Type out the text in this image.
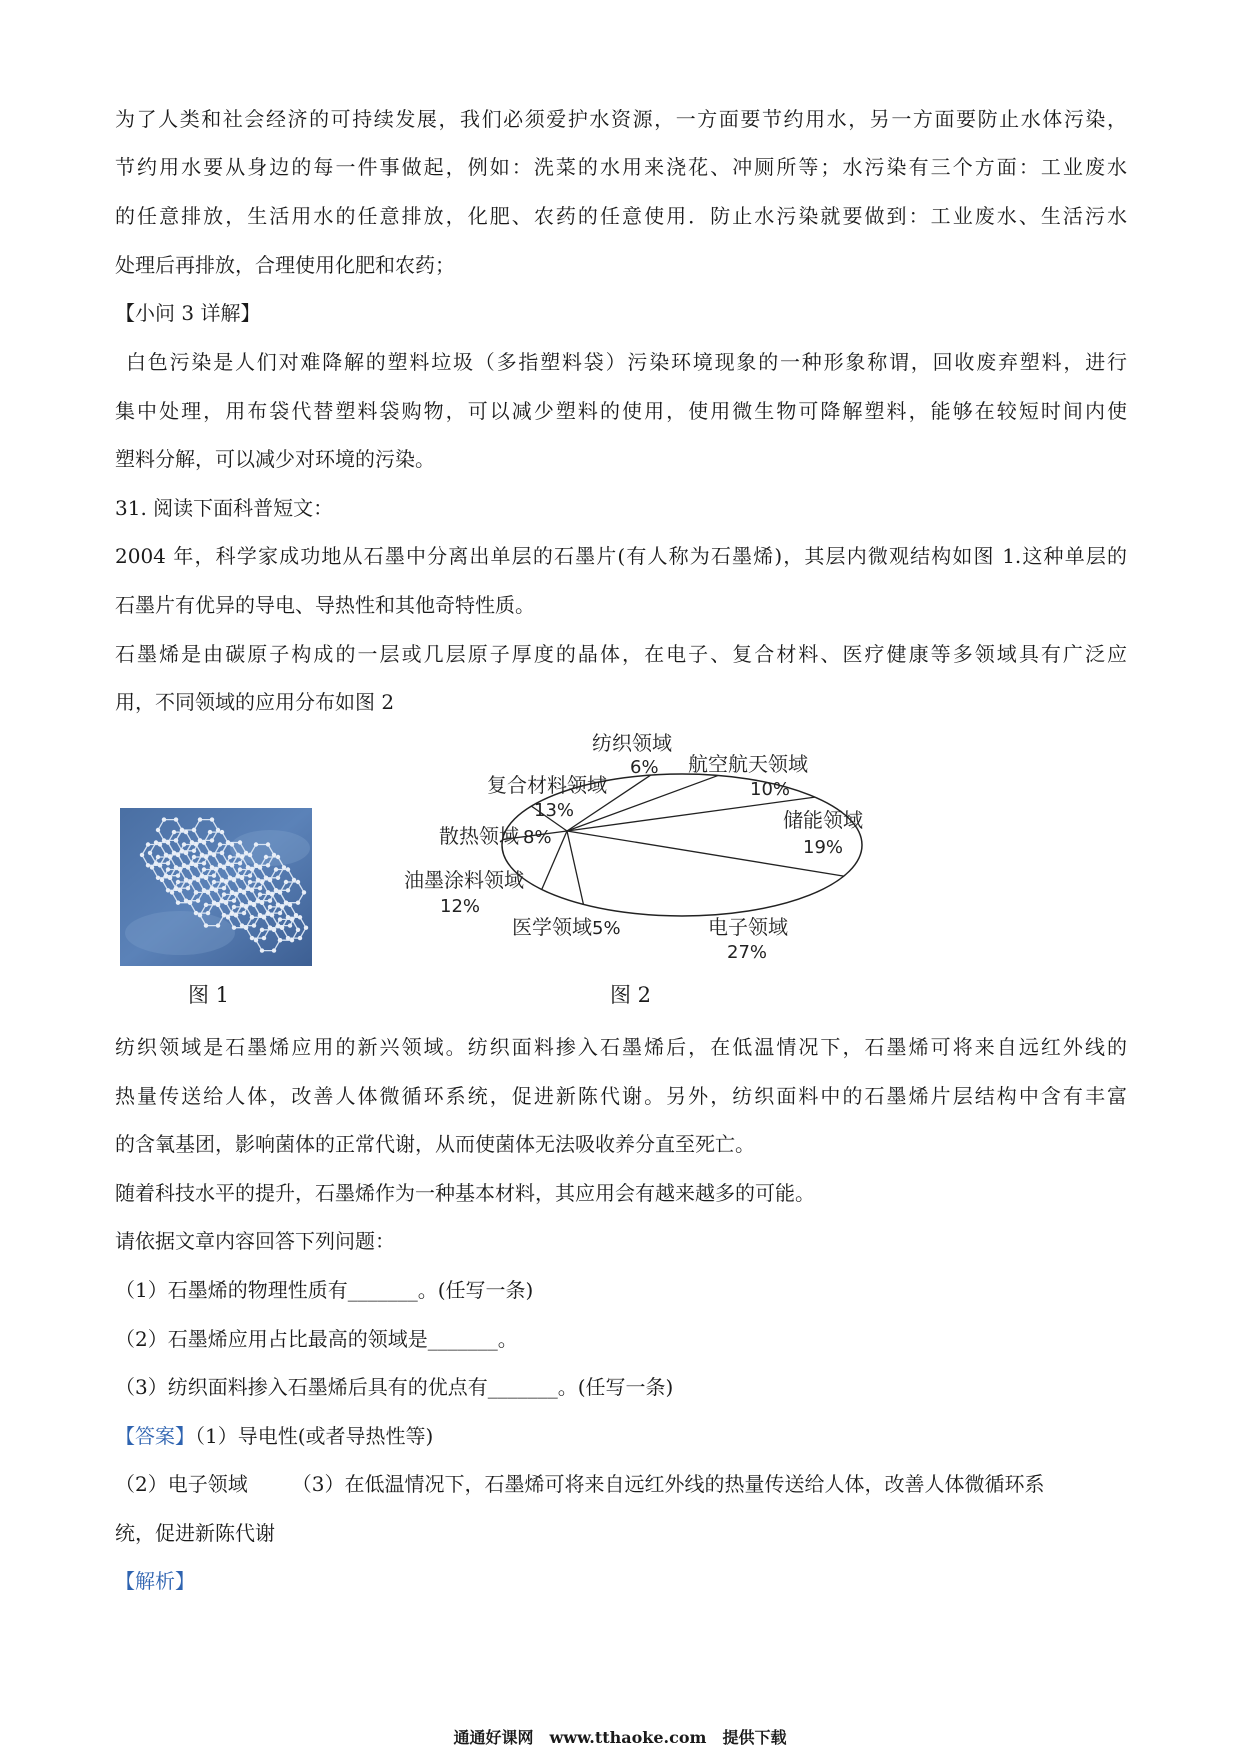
为了人类和社会经济的可持续发展，我们必须爱护水资源，一方面要节约用水，另一方面要防止水体污染，

节约用水要从身边的每一件事做起，例如：洗菜的水用来浇花、冲厕所等；水污染有三个方面：工业废水

的任意排放，生活用水的任意排放，化肥、农药的任意使用．防止水污染就要做到：工业废水、生活污水

处理后再排放，合理使用化肥和农药；

【小问 3 详解】

白色污染是人们对难降解的塑料垃圾（多指塑料袋）污染环境现象的一种形象称谓，回收废弃塑料，进行

集中处理，用布袋代替塑料袋购物，可以减少塑料的使用，使用微生物可降解塑料，能够在较短时间内使

塑料分解，可以减少对环境的污染。

31. 阅读下面科普短文：

2004 年，科学家成功地从石墨中分离出单层的石墨片(有人称为石墨烯)，其层内微观结构如图 1.这种单层的

石墨片有优异的导电、导热性和其他奇特性质。

石墨烯是由碳原子构成的一层或几层原子厚度的晶体，在电子、复合材料、医疗健康等多领域具有广泛应

用，不同领域的应用分布如图 2

图 1
纺织领域
6% 航空航天领域
10%
储能领域
19%
电子领域
27%
医学领域5%
油墨涂料领域
12%
散热领域 8%
复合材料领域
13%
图 2

纺织领域是石墨烯应用的新兴领域。纺织面料掺入石墨烯后，在低温情况下，石墨烯可将来自远红外线的

热量传送给人体，改善人体微循环系统，促进新陈代谢。另外，纺织面料中的石墨烯片层结构中含有丰富

的含氧基团，影响菌体的正常代谢，从而使菌体无法吸收养分直至死亡。

随着科技水平的提升，石墨烯作为一种基本材料，其应用会有越来越多的可能。

请依据文章内容回答下列问题：

（1）石墨烯的物理性质有_______。(任写一条)

（2）石墨烯应用占比最高的领域是_______。

（3）纺织面料掺入石墨烯后具有的优点有_______。(任写一条)

【答案】（1）导电性(或者导热性等)

（2）电子领域 （3）在低温情况下，石墨烯可将来自远红外线的热量传送给人体，改善人体微循环系

统，促进新陈代谢

【解析】

通通好课网　www.tthaoke.com　提供下载
